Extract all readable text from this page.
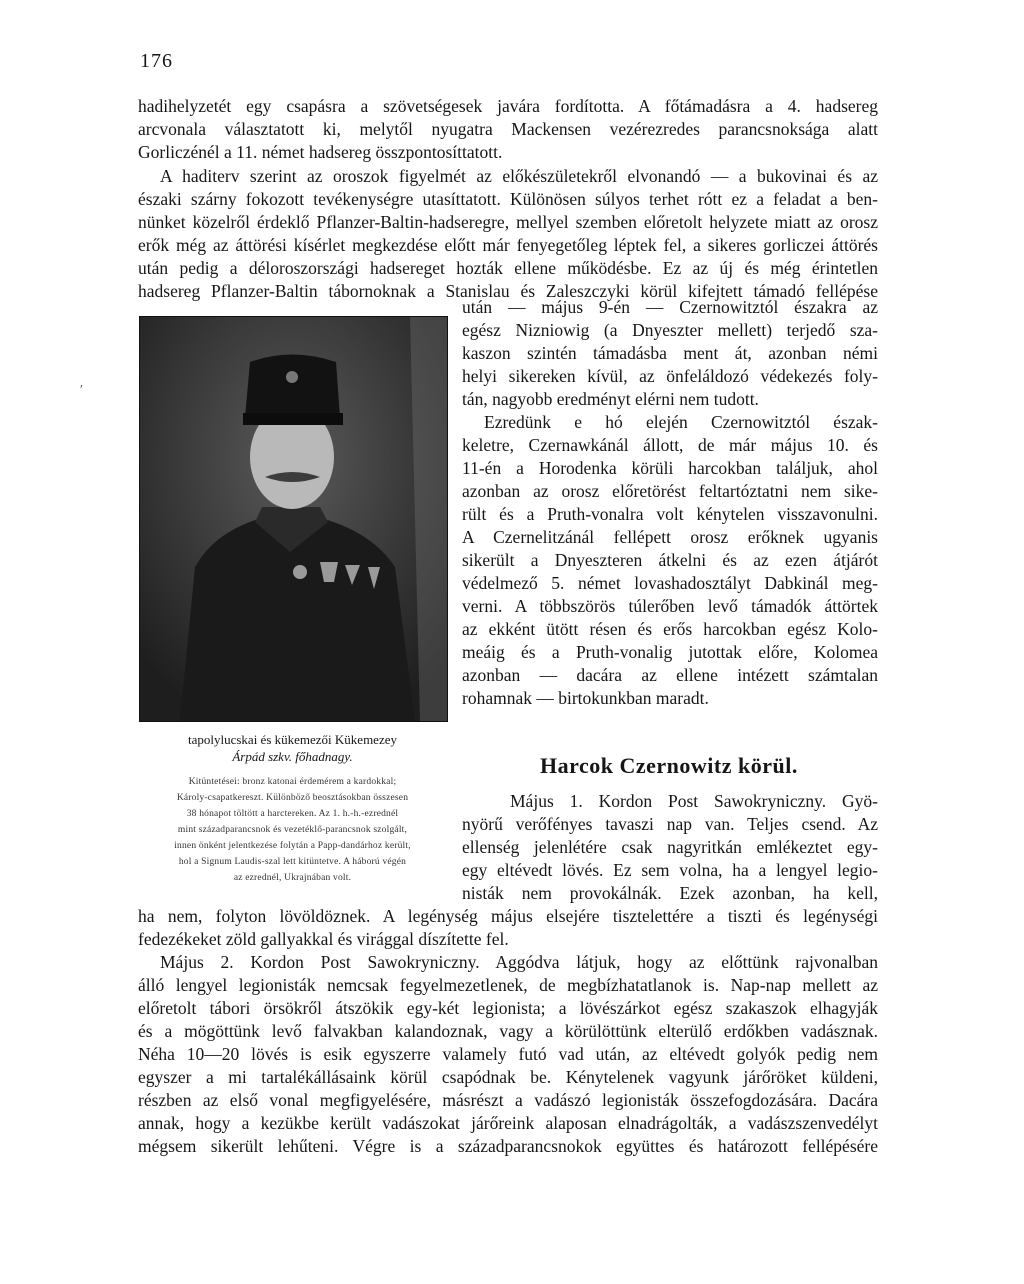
176
hadihelyzetét egy csapásra a szövetségesek javára fordította. A főtámadásra a 4. hadsereg
arcvonala választatott ki, melytől nyugatra Mackensen vezérezredes parancsnoksága alatt
Gorliczénél a 11. német hadsereg összpontosíttatott.
A haditerv szerint az oroszok figyelmét az előkészületekről elvonandó — a bukovinai és az
északi szárny fokozott tevékenységre utasíttatott. Különösen súlyos terhet rótt ez a feladat a ben-
nünket közelről érdeklő Pflanzer-Baltin-hadseregre, mellyel szemben előretolt helyzete miatt az orosz
erők még az áttörési kísérlet megkezdése előtt már fenyegetőleg léptek fel, a sikeres gorliczei áttörés
után pedig a déloroszországi hadsereget hozták ellene működésbe. Ez az új és még érintetlen
hadsereg Pflanzer-Baltin tábornoknak a Stanislau és Zaleszczyki körül kifejtett támadó fellépése
′
után — május 9-én — Czernowitztól északra az
egész Nizniowig (a Dnyeszter mellett) terjedő sza-
kaszon szintén támadásba ment át, azonban némi
helyi sikereken kívül, az önfeláldozó védekezés foly-
tán, nagyobb eredményt elérni nem tudott.
Ezredünk e hó elején Czernowitztól észak-
keletre, Czernawkánál állott, de már május 10. és
11-én a Horodenka körüli harcokban találjuk, ahol
azonban az orosz előretörést feltartóztatni nem sike-
rült és a Pruth-vonalra volt kénytelen visszavonulni.
A Czernelitzánál fellépett orosz erőknek ugyanis
sikerült a Dnyeszteren átkelni és az ezen átjárót
védelmező 5. német lovashadosztályt Dabkinál meg-
verni. A többszörös túlerőben levő támadók áttörtek
az ekként ütött résen és erős harcokban egész Kolo-
meáig és a Pruth-vonalig jutottak előre, Kolomea
azonban — dacára az ellene intézett számtalan
rohamnak — birtokunkban maradt.
tapolylucskai és kükemezői Kükemezey
Árpád szkv. főhadnagy.
Kitüntetései: bronz katonai érdemérem a kardokkal;
Károly-csapatkereszt. Különböző beosztásokban összesen
38 hónapot töltött a harctereken. Az 1. h.-h.-ezrednél
mint századparancsnok és vezetéklő-parancsnok szolgált,
innen önként jelentkezése folytán a Papp-dandárhoz került,
hol a Signum Laudis-szal lett kitüntetve. A háború végén
az ezrednél, Ukrajnában volt.
Harcok Czernowitz körül.
Május 1. Kordon Post Sawokryniczny. Gyö-
nyörű verőfényes tavaszi nap van. Teljes csend. Az
ellenség jelenlétére csak nagyritkán emlékeztet egy-
egy eltévedt lövés. Ez sem volna, ha a lengyel legio-
nisták nem provokálnák. Ezek azonban, ha kell,
ha nem, folyton lövöldöznek. A legénység május elsejére tisztelettére a tiszti és legénységi
fedezékeket zöld gallyakkal és virággal díszítette fel.
Május 2. Kordon Post Sawokryniczny. Aggódva látjuk, hogy az előttünk rajvonalban
álló lengyel legionisták nemcsak fegyelmezetlenek, de megbízhatatlanok is. Nap-nap mellett az
előretolt tábori örsökről átszökik egy-két legionista; a lövészárkot egész szakaszok elhagyják
és a mögöttünk levő falvakban kalandoznak, vagy a körülöttünk elterülő erdőkben vadásznak.
Néha 10—20 lövés is esik egyszerre valamely futó vad után, az eltévedt golyók pedig nem
egyszer a mi tartalékállásaink körül csapódnak be. Kénytelenek vagyunk járőröket küldeni,
részben az első vonal megfigyelésére, másrészt a vadászó legionisták összefogdozására. Dacára
annak, hogy a kezükbe került vadászokat járőreink alaposan elnadrágolták, a vadászszenvedélyt
mégsem sikerült lehűteni. Végre is a századparancsnokok együttes és határozott fellépésére
